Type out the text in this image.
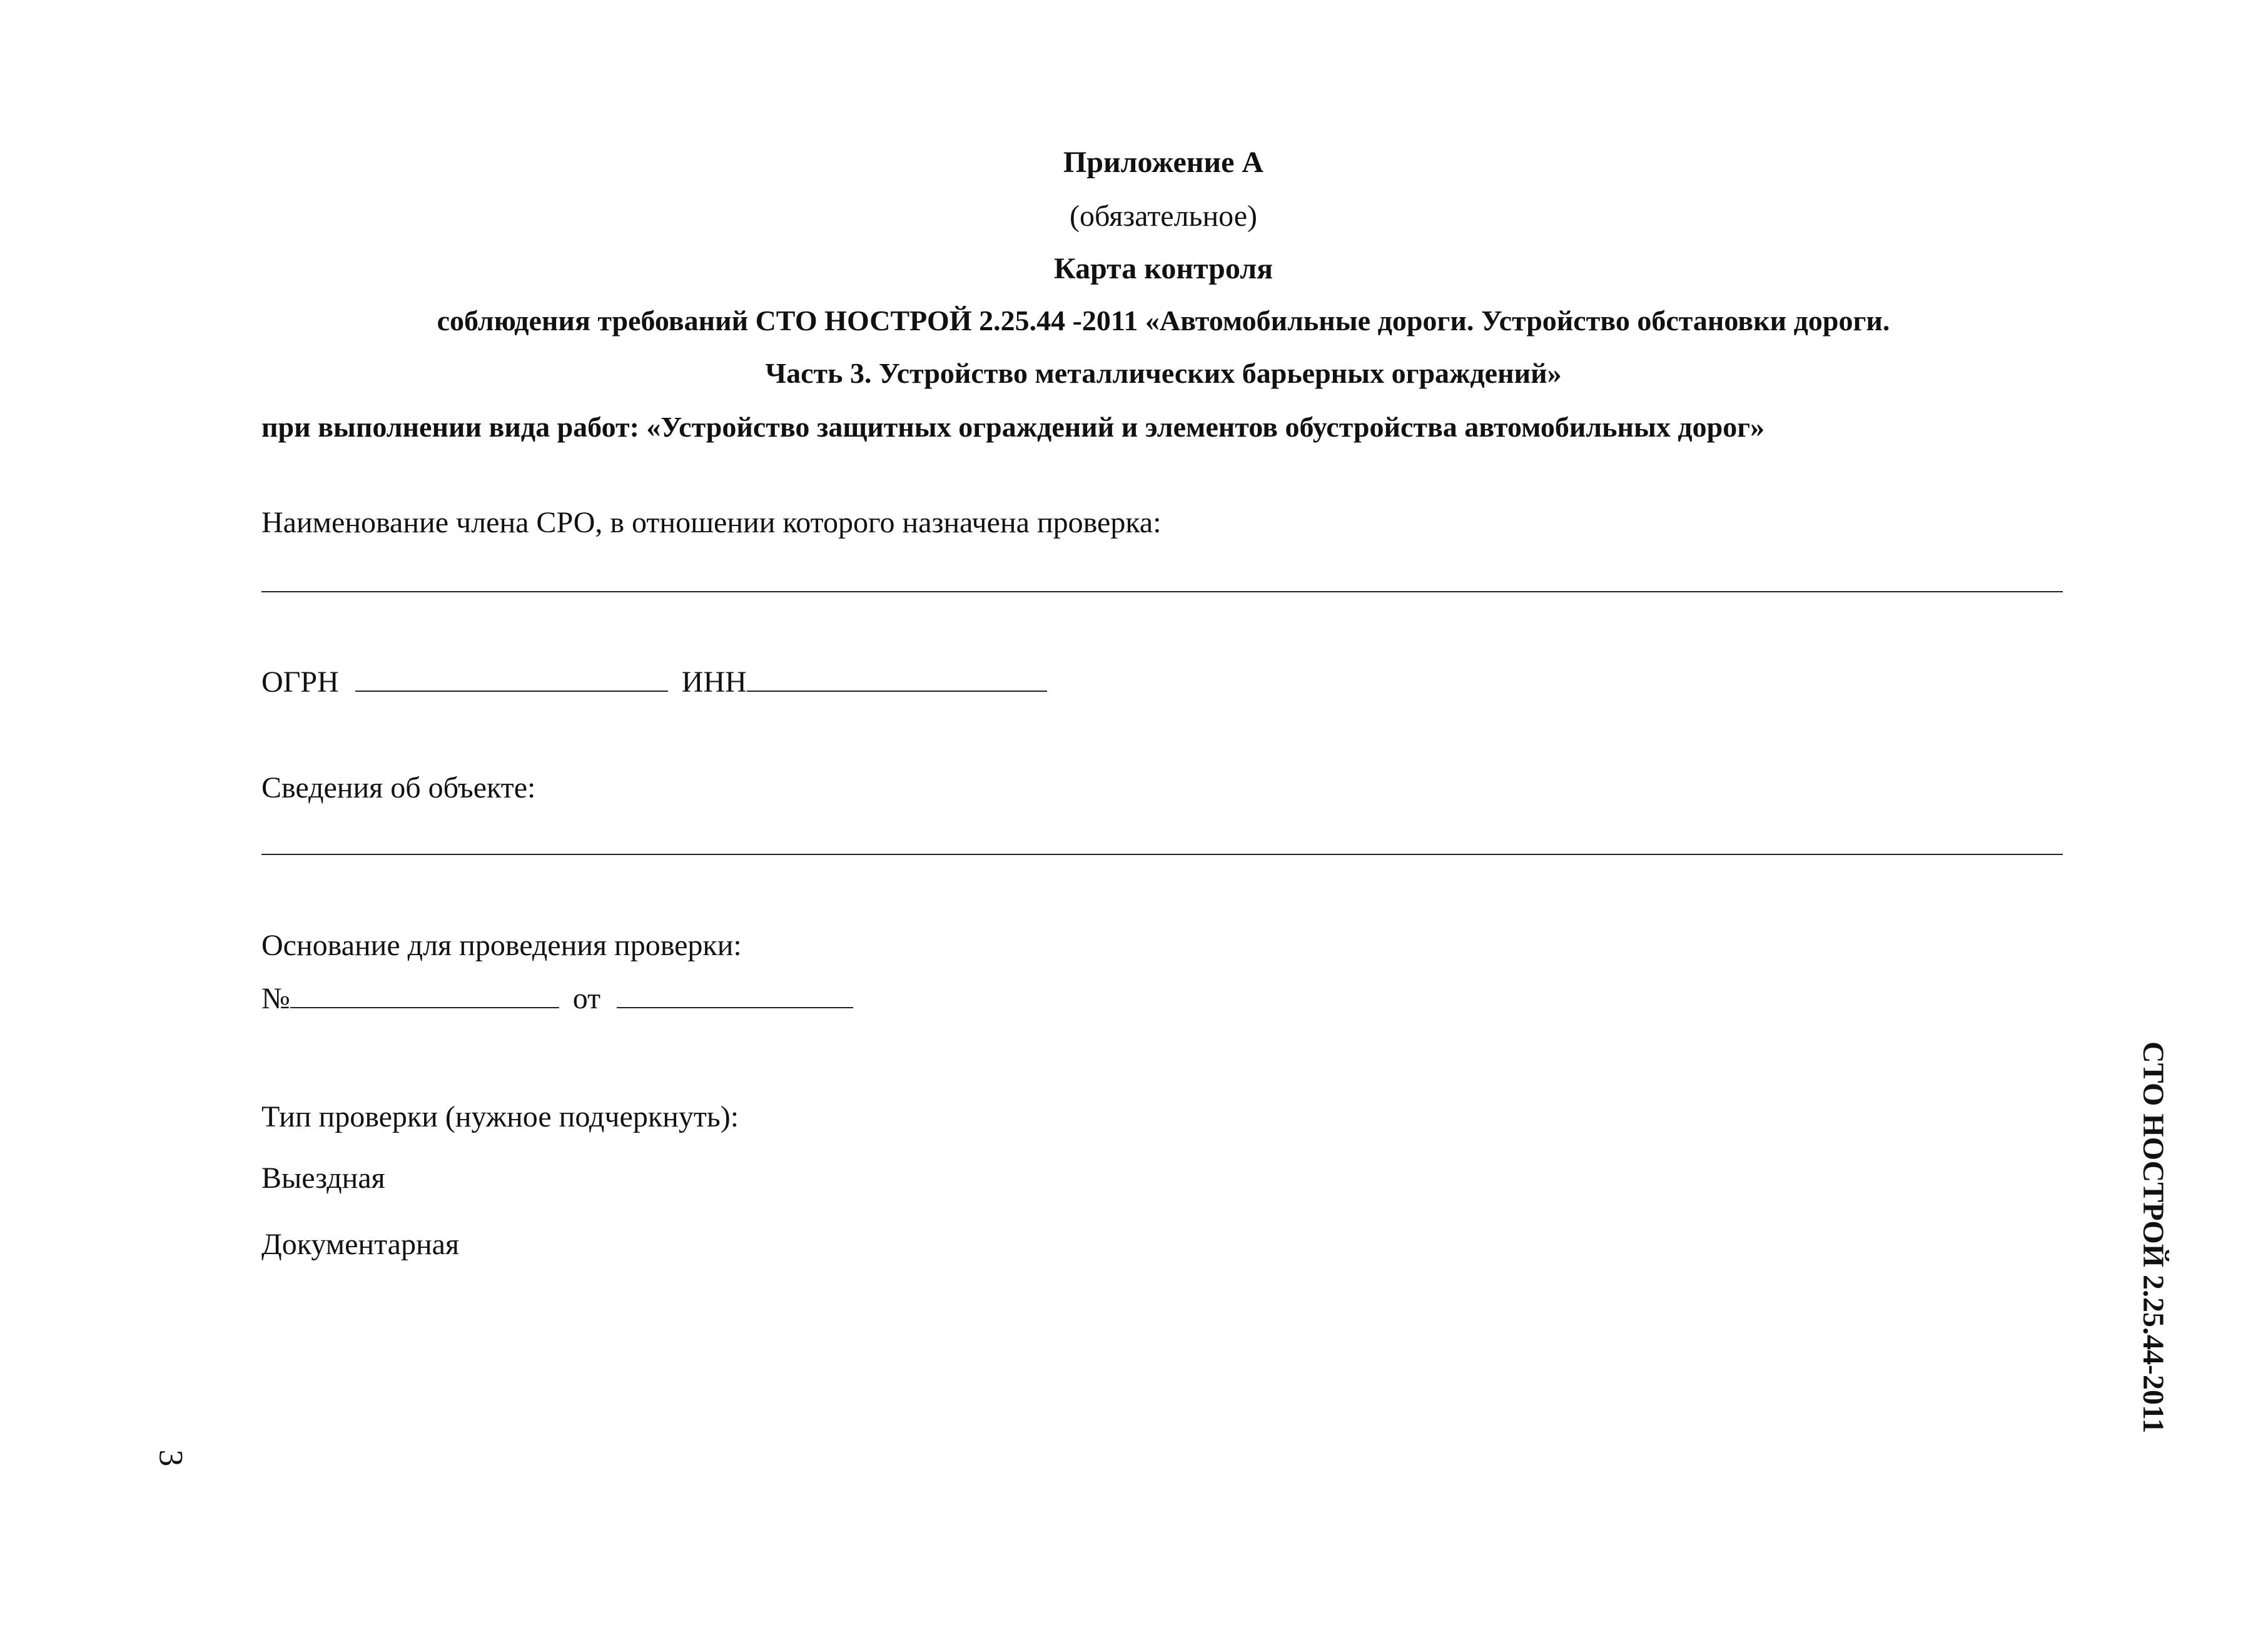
Приложение А
(обязательное)
Карта контроля
соблюдения требований СТО НОСТРОЙ 2.25.44 -2011 «Автомобильные дороги. Устройство обстановки дороги.
Часть 3. Устройство металлических барьерных ограждений»
при выполнении вида работ: «Устройство защитных ограждений и элементов обустройства автомобильных дорог»
Наименование члена СРО, в отношении которого назначена проверка:
ОГРН	ИНН
Сведения об объекте:
Основание для проведения проверки:
№	от
Тип проверки (нужное подчеркнуть):
Выездная
Документарная	СТО НОСТРОЙ 2.25.44-2011
3
